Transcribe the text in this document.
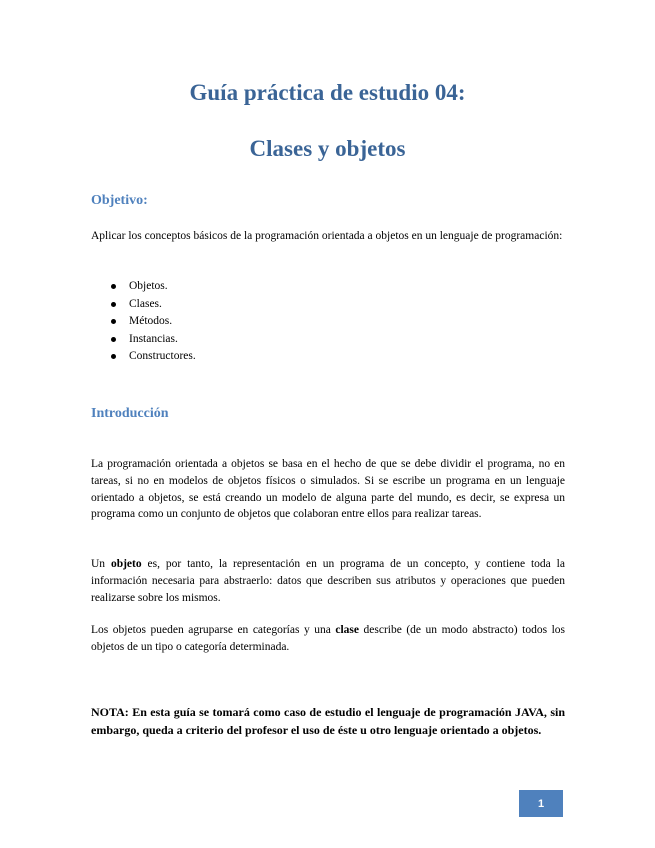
Guía práctica de estudio 04:
Clases y objetos
Objetivo:

Aplicar los conceptos básicos de la programación orientada a objetos en un lenguaje de programación:

Objetos.
Clases.
Métodos.
Instancias.
Constructores.
Introducción

La programación orientada a objetos se basa en el hecho de que se debe dividir el programa, no en tareas, si no en modelos de objetos físicos o simulados. Si se escribe un programa en un lenguaje orientado a objetos, se está creando un modelo de alguna parte del mundo, es decir, se expresa un programa como un conjunto de objetos que colaboran entre ellos para realizar tareas.

Un objeto es, por tanto, la representación en un programa de un concepto, y contiene toda la información necesaria para abstraerlo: datos que describen sus atributos y operaciones que pueden realizarse sobre los mismos.

Los objetos pueden agruparse en categorías y una clase describe (de un modo abstracto) todos los objetos de un tipo o categoría determinada.

NOTA: En esta guía se tomará como caso de estudio el lenguaje de programación JAVA, sin embargo, queda a criterio del profesor el uso de éste u otro lenguaje orientado a objetos.

1
